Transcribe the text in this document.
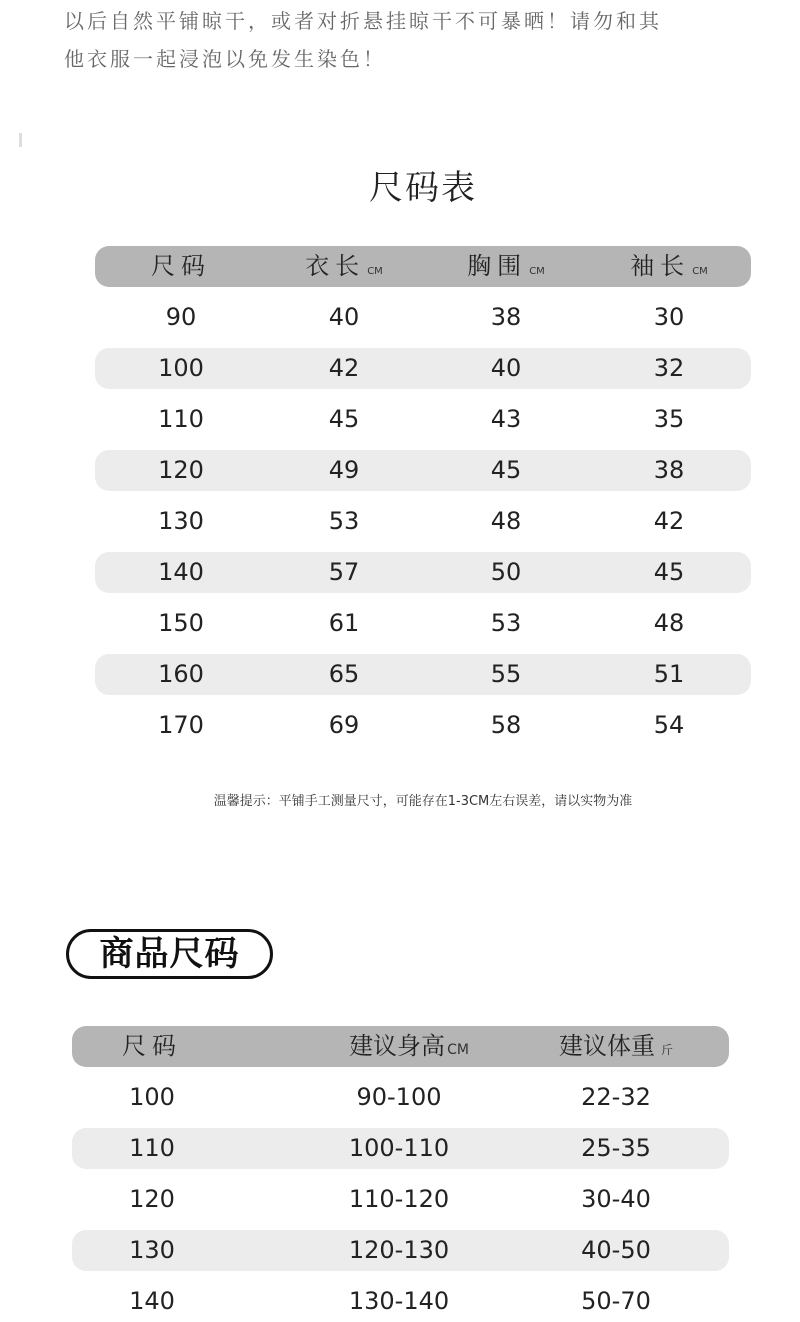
以后自然平铺晾干，或者对折悬挂晾干不可暴晒！请勿和其
他衣服一起浸泡以免发生染色！
尺码表
尺码	衣长 CM	胸围 CM	袖长 CM
90	40	38	30
100	42	40	32
110	45	43	35
120	49	45	38
130	53	48	42
140	57	50	45
150	61	53	48
160	65	55	51
170	69	58	54
温馨提示：平铺手工测量尺寸，可能存在1-3CM左右误差，请以实物为准
商品尺码
尺码	建议身高 CM	建议体重 斤
100	90-100	22-32
110	100-110	25-35
120	110-120	30-40
130	120-130	40-50
140	130-140	50-70
